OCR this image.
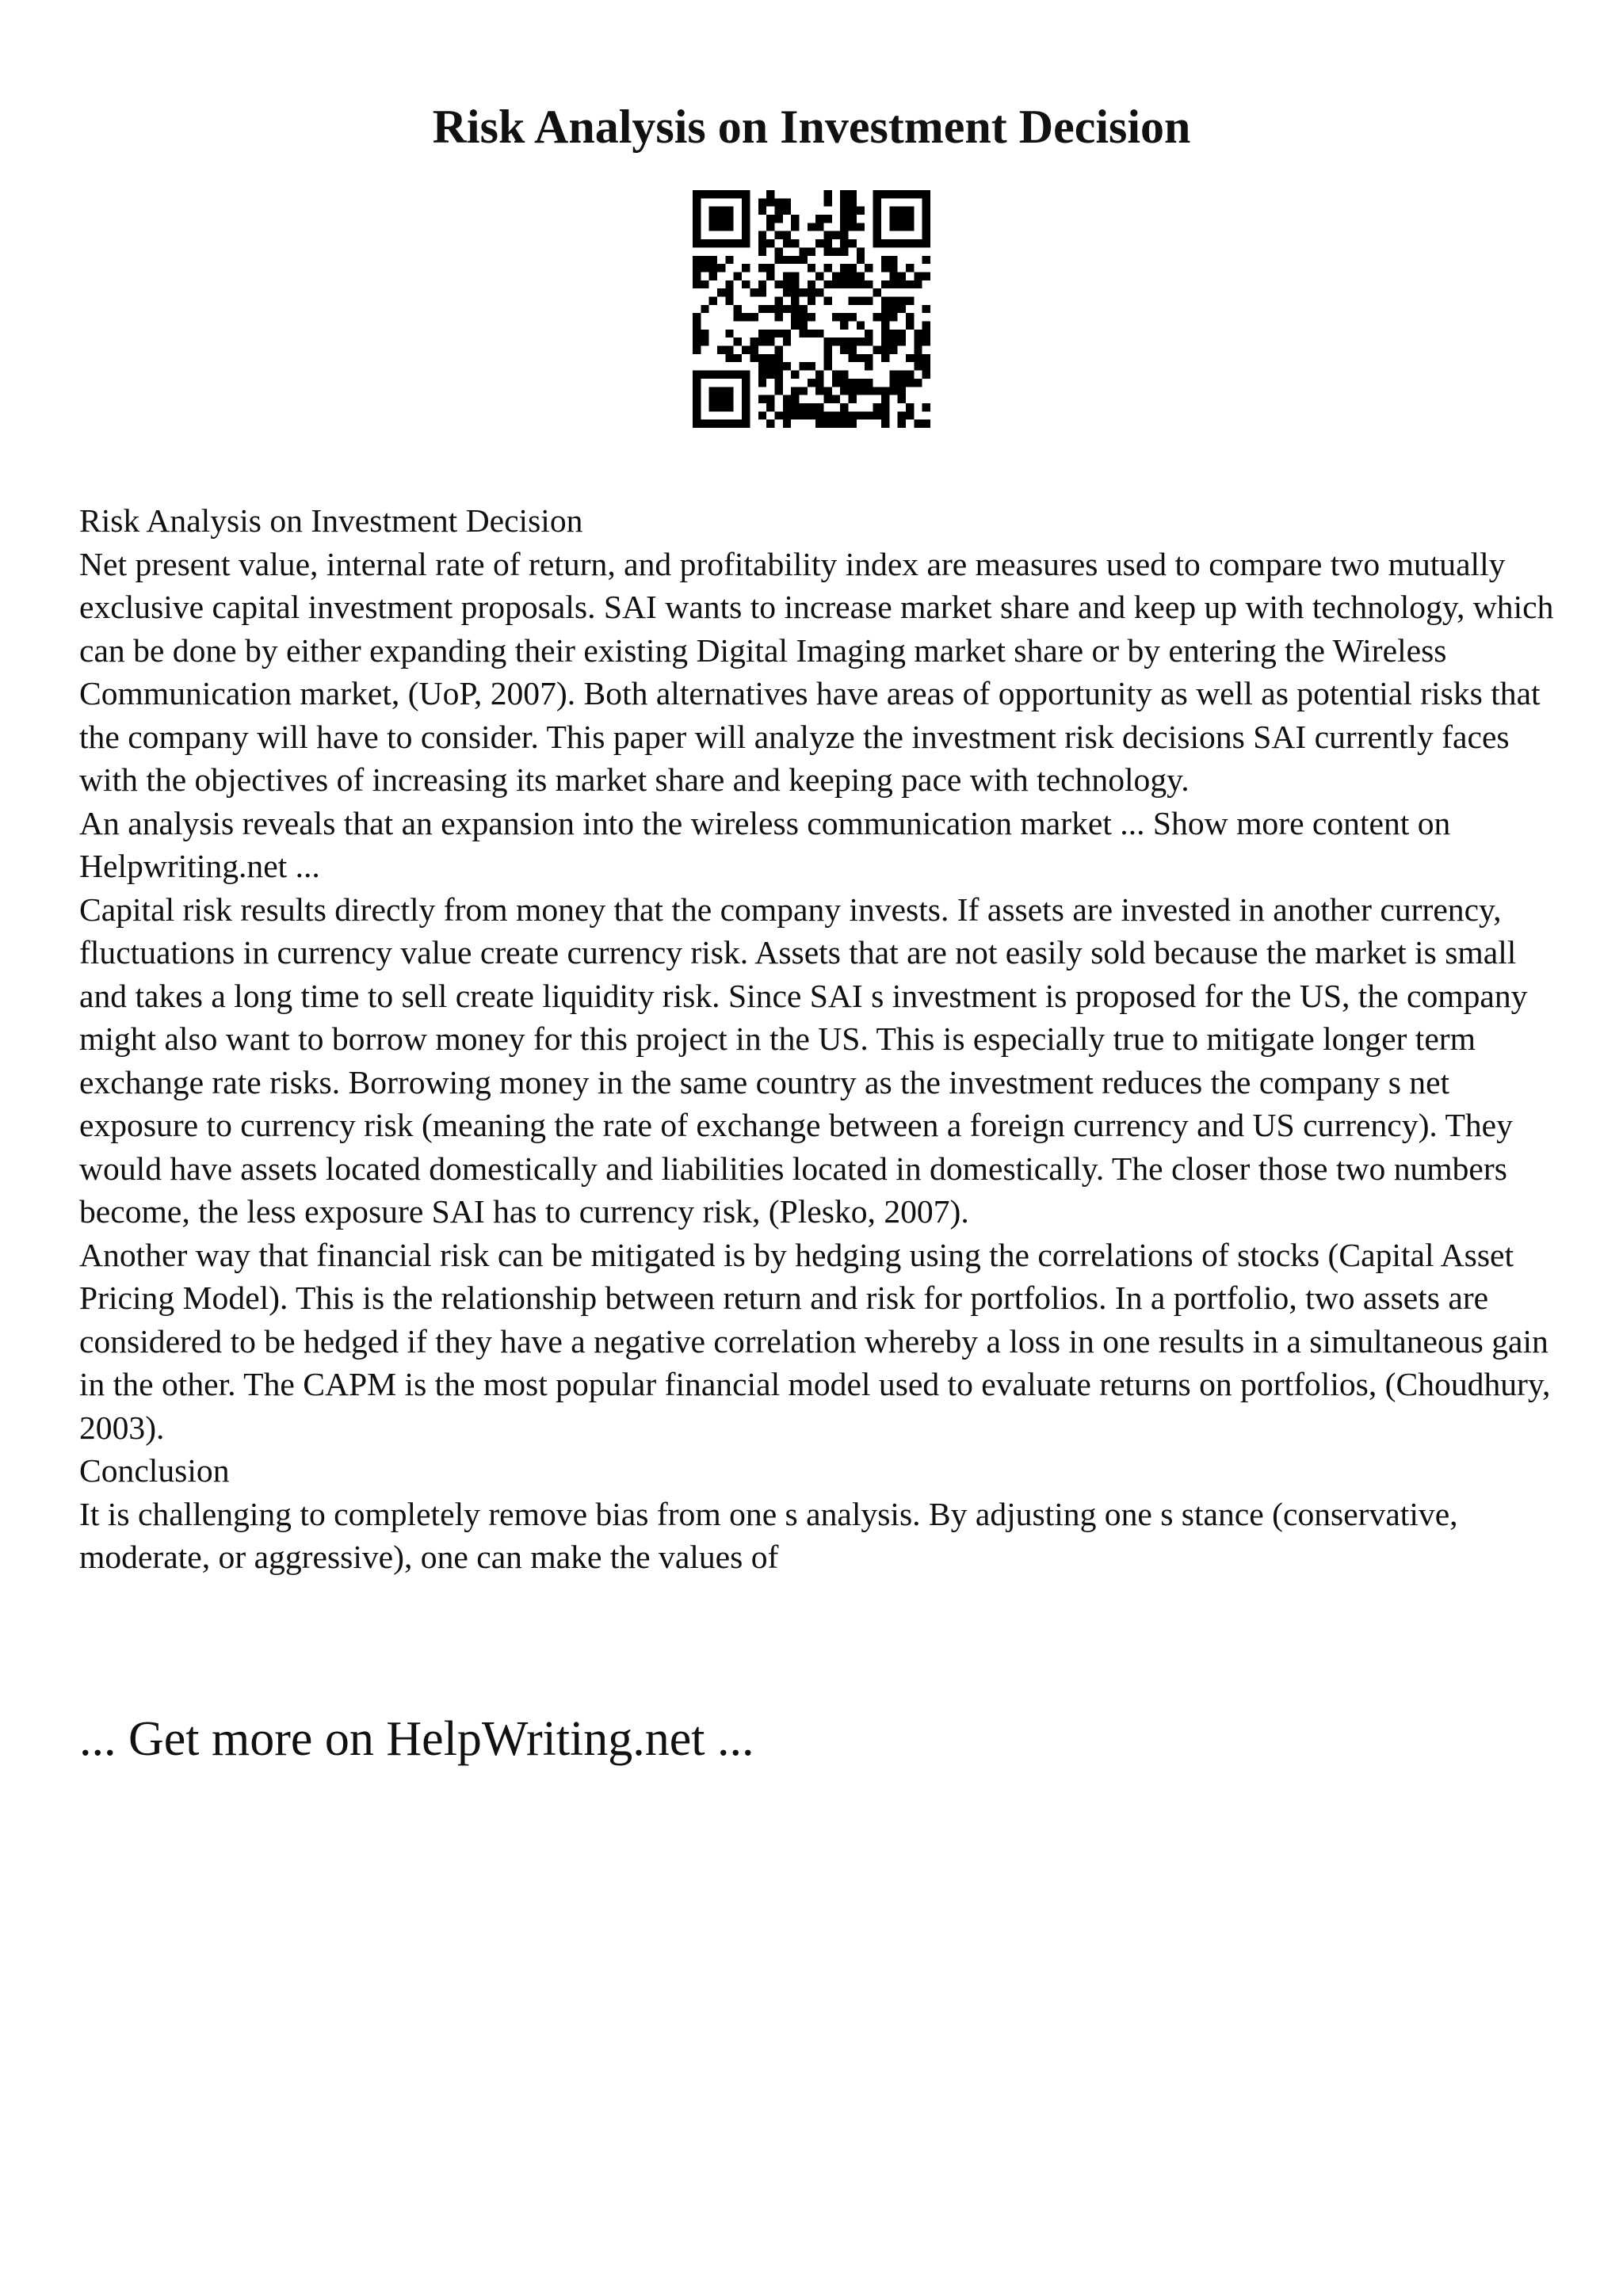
Risk Analysis on Investment Decision

Risk Analysis on Investment Decision

Net present value, internal rate of return, and profitability index are measures used to compare two mutually exclusive capital investment proposals. SAI wants to increase market share and keep up with technology, which can be done by either expanding their existing Digital Imaging market share or by entering the Wireless Communication market, (UoP, 2007). Both alternatives have areas of opportunity as well as potential risks that the company will have to consider. This paper will analyze the investment risk decisions SAI currently faces with the objectives of increasing its market share and keeping pace with technology.

An analysis reveals that an expansion into the wireless communication market ... Show more content on Helpwriting.net ...

Capital risk results directly from money that the company invests. If assets are invested in another currency, fluctuations in currency value create currency risk. Assets that are not easily sold because the market is small and takes a long time to sell create liquidity risk. Since SAI s investment is proposed for the US, the company might also want to borrow money for this project in the US. This is especially true to mitigate longer term exchange rate risks. Borrowing money in the same country as the investment reduces the company s net exposure to currency risk (meaning the rate of exchange between a foreign currency and US currency). They would have assets located domestically and liabilities located in domestically. The closer those two numbers become, the less exposure SAI has to currency risk, (Plesko, 2007).

Another way that financial risk can be mitigated is by hedging using the correlations of stocks (Capital Asset Pricing Model). This is the relationship between return and risk for portfolios. In a portfolio, two assets are considered to be hedged if they have a negative correlation whereby a loss in one results in a simultaneous gain in the other. The CAPM is the most popular financial model used to evaluate returns on portfolios, (Choudhury, 2003).

Conclusion

It is challenging to completely remove bias from one s analysis. By adjusting one s stance (conservative, moderate, or aggressive), one can make the values of

... Get more on HelpWriting.net ...
